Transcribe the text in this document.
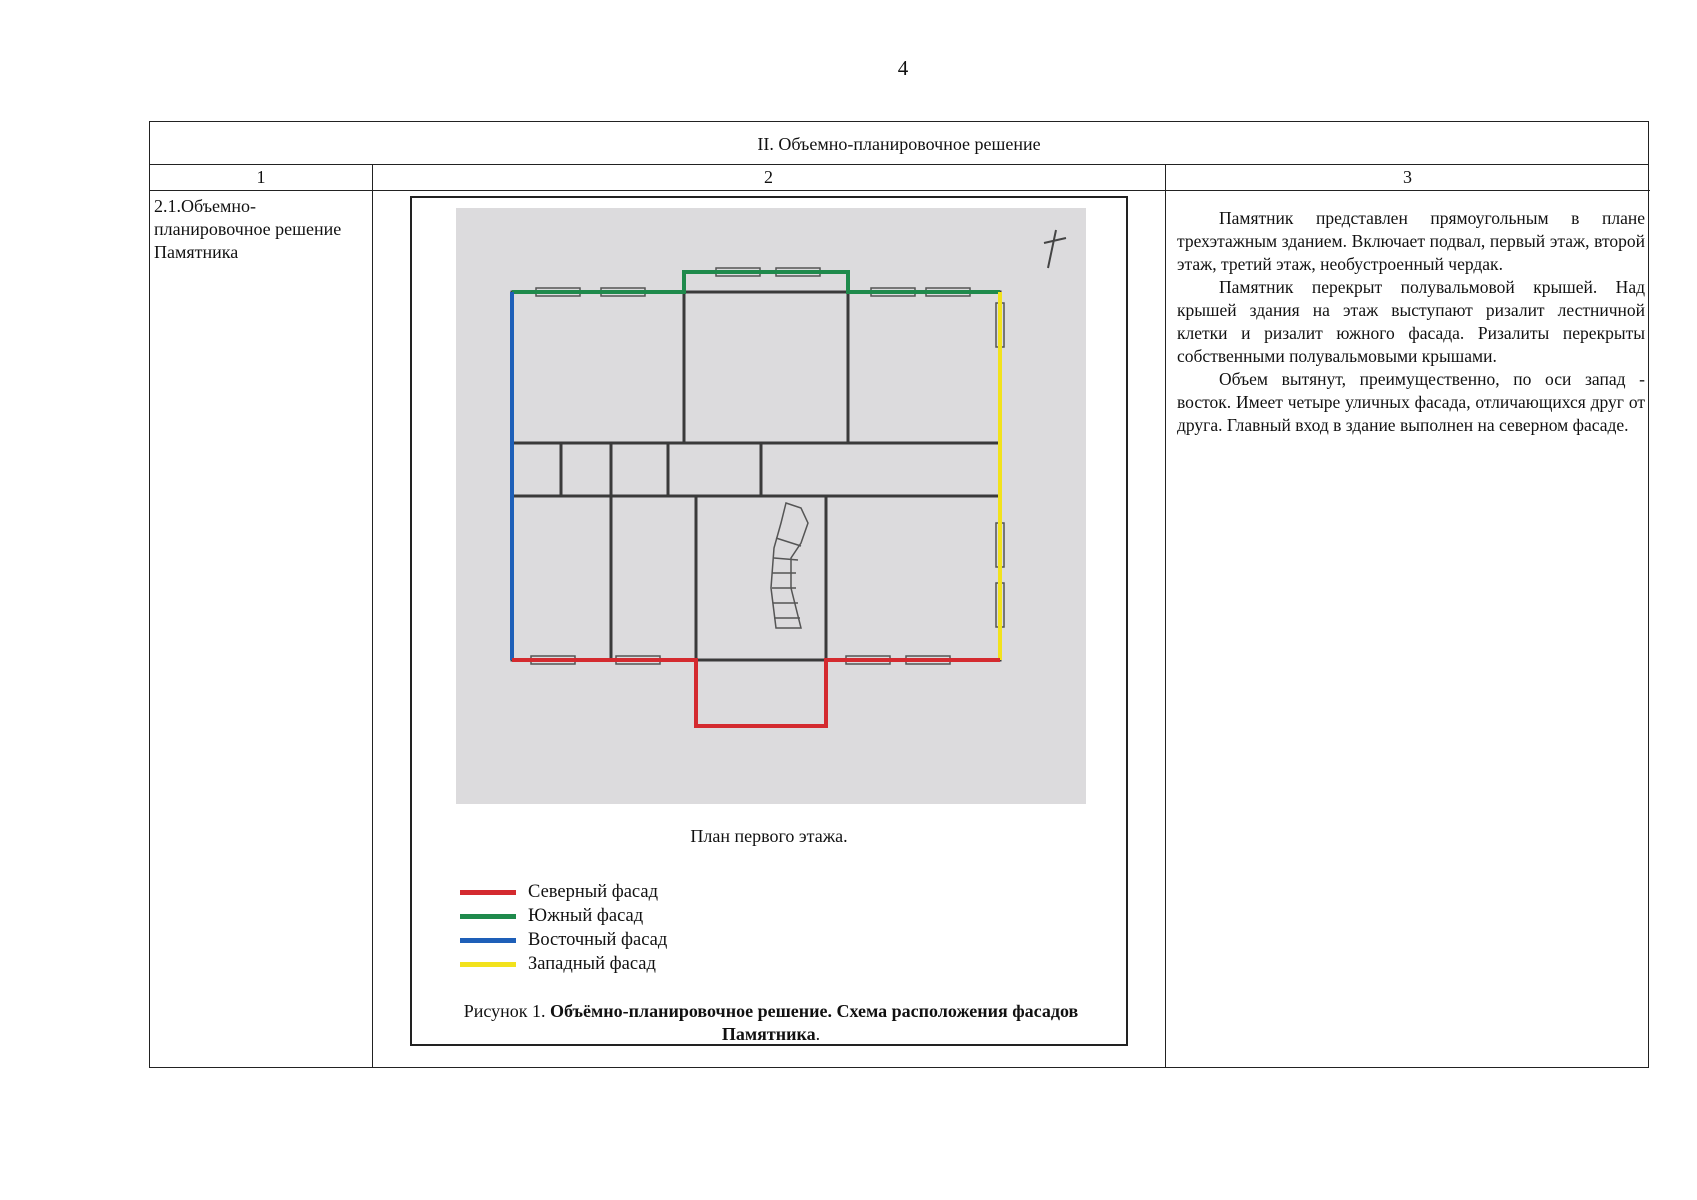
4
II. Объемно-планировочное решение
1	2	3
2.1.Объемно-планировочное решение Памятника
План первого этажа.
Северный фасад
Южный фасад
Восточный фасад
Западный фасад
Рисунок 1. Объёмно-планировочное решение. Схема расположения фасадов Памятника.

Памятник представлен прямоугольным в плане трехэтажным зданием. Включает подвал, первый этаж, второй этаж, третий этаж, необустроенный чердак.

Памятник перекрыт полувальмовой крышей. Над крышей здания на этаж выступают ризалит лестничной клетки и ризалит южного фасада. Ризалиты перекрыты собственными полувальмовыми крышами.

Объем вытянут, преимущественно, по оси запад - восток. Имеет четыре уличных фасада, отличающихся друг от друга. Главный вход в здание выполнен на северном фасаде.
